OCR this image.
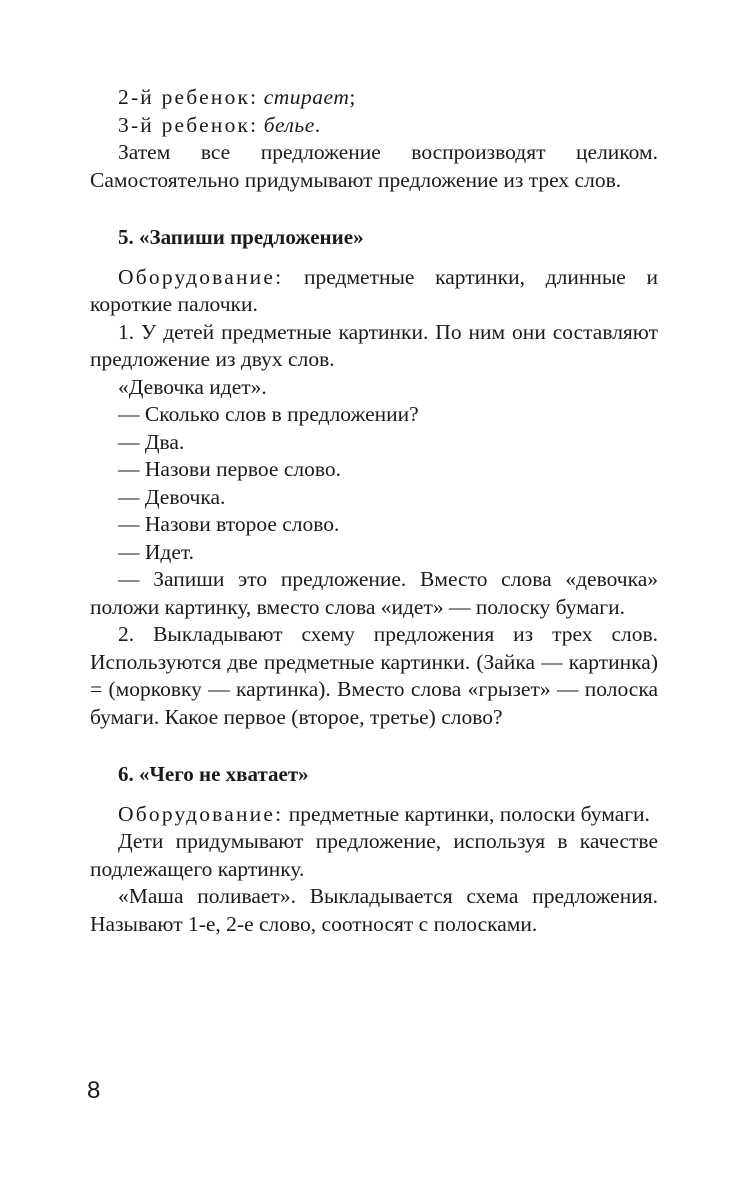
2-й ребенок: стирает;

3-й ребенок: белье.

Затем все предложение воспроизводят целиком. Самостоятельно придумывают предложение из трех слов.

5. «Запиши предложение»

Оборудование: предметные картинки, длинные и короткие палочки.

1. У детей предметные картинки. По ним они составляют предложение из двух слов.

«Девочка идет».

— Сколько слов в предложении?

— Два.

— Назови первое слово.

— Девочка.

— Назови второе слово.

— Идет.

— Запиши это предложение. Вместо слова «девочка» положи картинку, вместо слова «идет» — полоску бумаги.

2. Выкладывают схему предложения из трех слов. Используются две предметные картинки. (Зайка — картинка) = (морковку — картинка). Вместо слова «грызет» — полоска бумаги. Какое первое (второе, третье) слово?

6. «Чего не хватает»

Оборудование: предметные картинки, полоски бумаги.

Дети придумывают предложение, используя в качестве подлежащего картинку.

«Маша поливает». Выкладывается схема предложения. Называют 1-е, 2-е слово, соотносят с полосками.

8
